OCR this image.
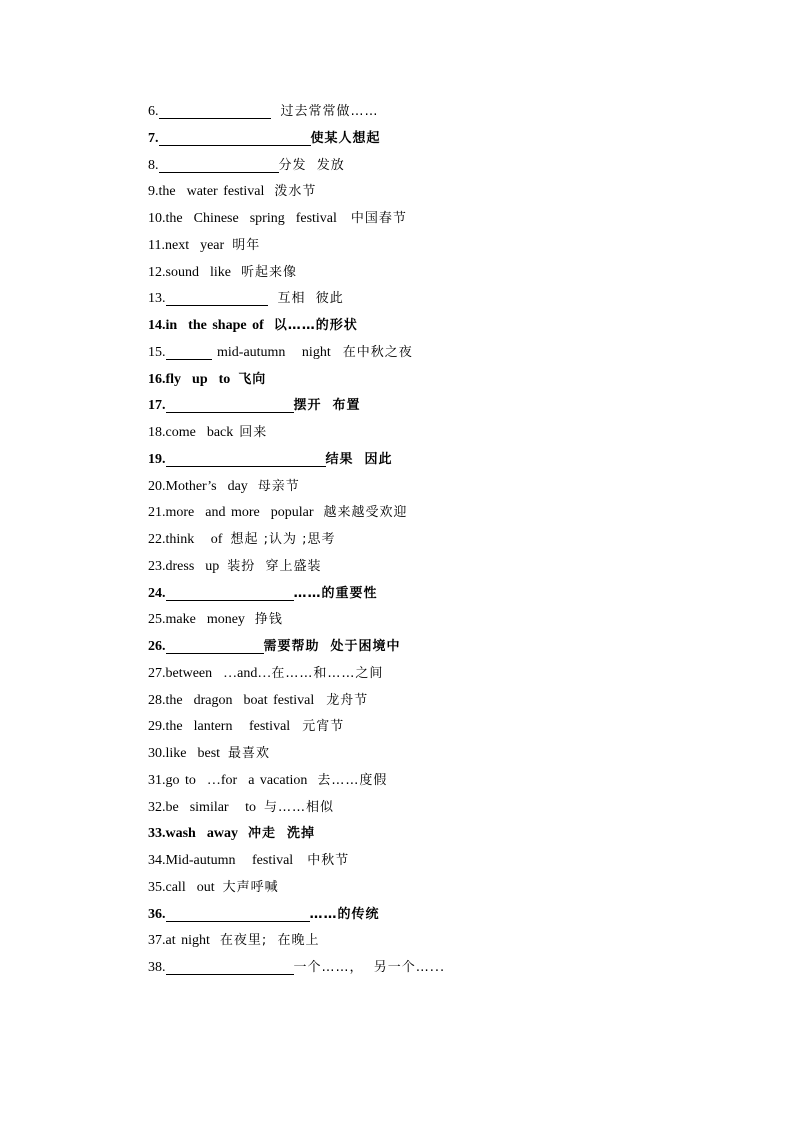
6.	过去常常做……
7.	使某人想起
8.	分发  发放
9. the  water festival 泼水节
10. the  Chinese  spring  festival 中国春节
11. next  year 明年
12. sound  like 听起来像
13.	互相  彼此
14. in  the shape of 以……的形状
15.	mid-autumn   night 在中秋之夜
16. fly  up  to 飞向
17.	摆开  布置
18. come  back 回来
19.	结果  因此
20. Mother’s  day 母亲节
21. more  and more  popular 越来越受欢迎
22. think   of 想起 ;认为 ;思考
23. dress  up 装扮  穿上盛装
24.	……的重要性
25. make  money 挣钱
26.	需要帮助  处于困境中
27. between  …and… 在……和……之间
28. the  dragon  boat festival 龙舟节
29. the  lantern   festival 元宵节
30. like  best 最喜欢
31. go to  …for  a vacation 去……度假
32. be  similar   to 与……相似
33. wash  away 冲走  洗掉
34. Mid-autumn   festival 中秋节
35. call  out 大声呼喊
36.	……的传统
37. at night 在夜里;  在晚上
38.	一个……，  另一个…...
